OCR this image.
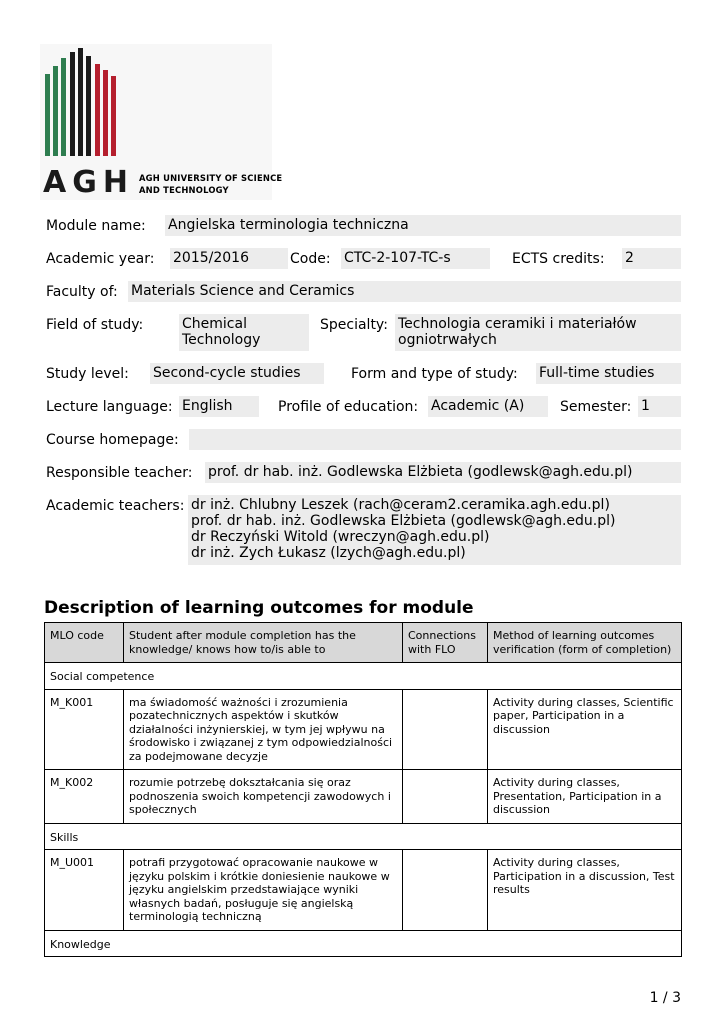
AGH AGH UNIVERSITY OF SCIENCE
AND TECHNOLOGY
Module name: Angielska terminologia techniczna
Academic year: 2015/2016	Code: CTC-2-107-TC-s	ECTS credits: 2
Faculty of: Materials Science and Ceramics
Field of study:	Chemical Technology
Specialty: Technologia ceramiki i materiałów ogniotrwałych
Study level: Second-cycle studies	Form and type of study: Full-time studies
Lecture language: English	Profile of education: Academic (A)	Semester: 1
Course homepage:
Responsible teacher: prof. dr hab. inż. Godlewska Elżbieta (godlewsk@agh.edu.pl)
Academic teachers: dr inż. Chlubny Leszek (rach@ceram2.ceramika.agh.edu.pl)
prof. dr hab. inż. Godlewska Elżbieta (godlewsk@agh.edu.pl)
dr Reczyński Witold (wreczyn@agh.edu.pl)
dr inż. Zych Łukasz (lzych@agh.edu.pl)
Description of learning outcomes for module
MLO code	Student after module completion has the knowledge/ knows how to/is able to	Connections with FLO	Method of learning outcomes verification (form of completion)
Social competence			
M_K001	ma świadomość ważności i zrozumienia pozatechnicznych aspektów i skutków działalności inżynierskiej, w tym jej wpływu na środowisko i związanej z tym odpowiedzialności za podejmowane decyzje		Activity during classes, Scientific paper, Participation in a discussion
M_K002	rozumie potrzebę dokształcania się oraz podnoszenia swoich kompetencji zawodowych i społecznych		Activity during classes, Presentation, Participation in a discussion
Skills			
M_U001	potrafi przygotować opracowanie naukowe w języku polskim i krótkie doniesienie naukowe w języku angielskim przedstawiające wyniki własnych badań, posługuje się angielską terminologią techniczną		Activity during classes, Participation in a discussion, Test results
Knowledge			
1 / 3
